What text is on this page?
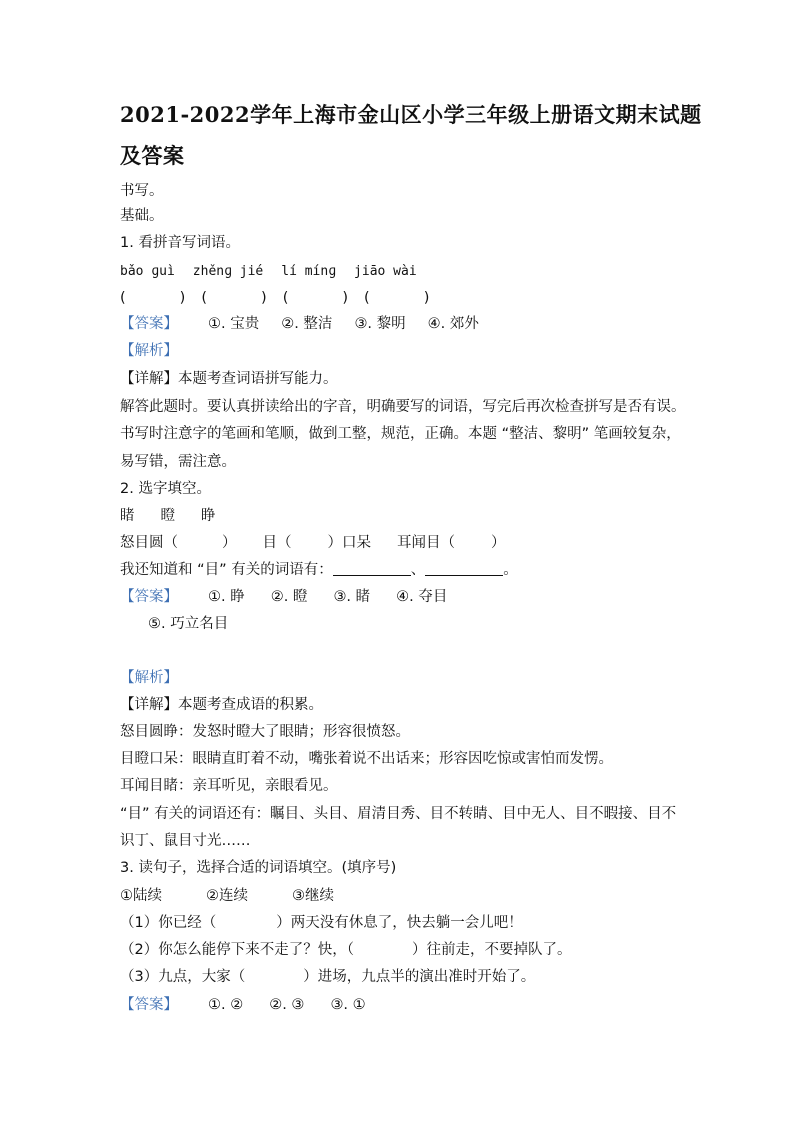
2021-2022学年上海市金山区小学三年级上册语文期末试题
及答案
书写。
基础。
1. 看拼音写词语。
bǎo ɡuì zhěnɡ jié lí mínɡ jiāo wài
(	) (	) (	) (	)
【答案】 ①. 宝贵 ②. 整洁 ③. 黎明 ④. 郊外
【解析】
【详解】本题考查词语拼写能力。
解答此题时。要认真拼读给出的字音，明确要写的词语，写完后再次检查拼写是否有误。
书写时注意字的笔画和笔顺，做到工整，规范，正确。本题 “整洁、黎明” 笔画较复杂，
易写错，需注意。
2. 选字填空。
睹 瞪 睁
怒目圆（	） 目（ ）口呆 耳闻目（ ）
我还知道和 “目” 有关的词语有：	、	。
【答案】 ①. 睁 ②. 瞪 ③. 睹 ④. 夺目
⑤. 巧立名目
【解析】
【详解】本题考查成语的积累。
怒目圆睁：发怒时瞪大了眼睛；形容很愤怒。
目瞪口呆：眼睛直盯着不动，嘴张着说不出话来；形容因吃惊或害怕而发愣。
耳闻目睹：亲耳听见，亲眼看见。
“目” 有关的词语还有：瞩目、头目、眉清目秀、目不转睛、目中无人、目不暇接、目不
识丁、鼠目寸光……
3. 读句子，选择合适的词语填空。(填序号)
①陆续	②连续	③继续
（1）你已经（	）两天没有休息了，快去躺一会儿吧！
（2）你怎么能停下来不走了？快，（	）往前走，不要掉队了。
（3）九点，大家（	）进场，九点半的演出准时开始了。
【答案】 ①. ② ②. ③ ③. ①
